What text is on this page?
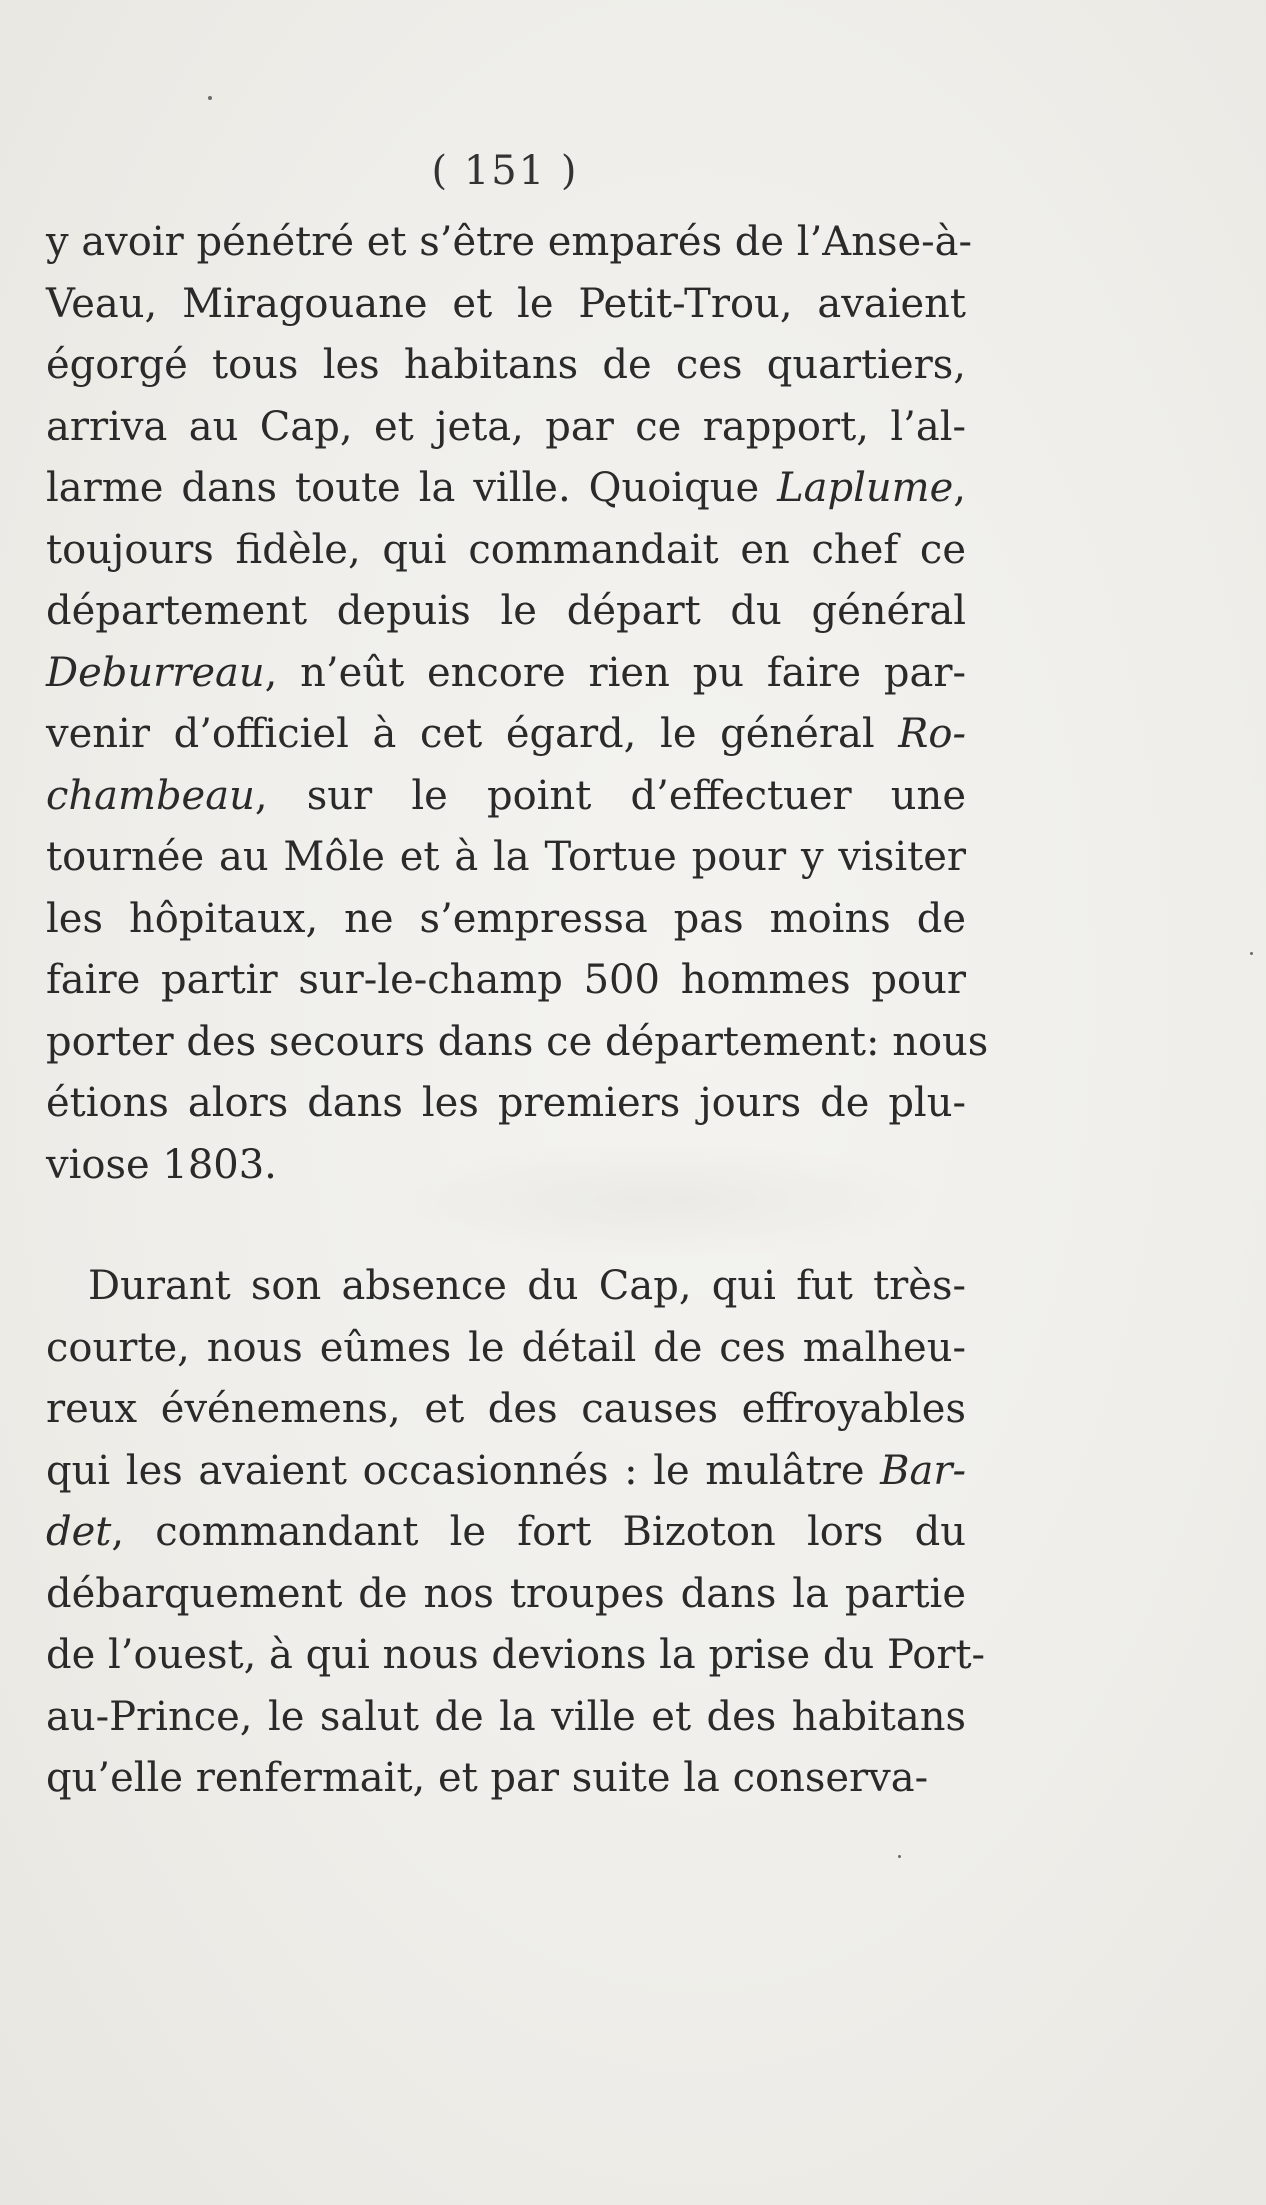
( 151 )
y avoir pénétré et s’être emparés de l’Anse-à-
Veau, Miragouane et le Petit-Trou, avaient
égorgé tous les habitans de ces quartiers,
arriva au Cap, et jeta, par ce rapport, l’al-
larme dans toute la ville. Quoique Laplume,
toujours fidèle, qui commandait en chef ce
département depuis le départ du général
Deburreau, n’eût encore rien pu faire par-
venir d’officiel à cet égard, le général Ro-
chambeau, sur le point d’effectuer une
tournée au Môle et à la Tortue pour y visiter
les hôpitaux, ne s’empressa pas moins de
faire partir sur-le-champ 500 hommes pour
porter des secours dans ce département: nous
étions alors dans les premiers jours de plu-
viose 1803.
Durant son absence du Cap, qui fut très-
courte, nous eûmes le détail de ces malheu-
reux événemens, et des causes effroyables
qui les avaient occasionnés : le mulâtre Bar-
det, commandant le fort Bizoton lors du
débarquement de nos troupes dans la partie
de l’ouest, à qui nous devions la prise du Port-
au-Prince, le salut de la ville et des habitans
qu’elle renfermait, et par suite la conserva-
